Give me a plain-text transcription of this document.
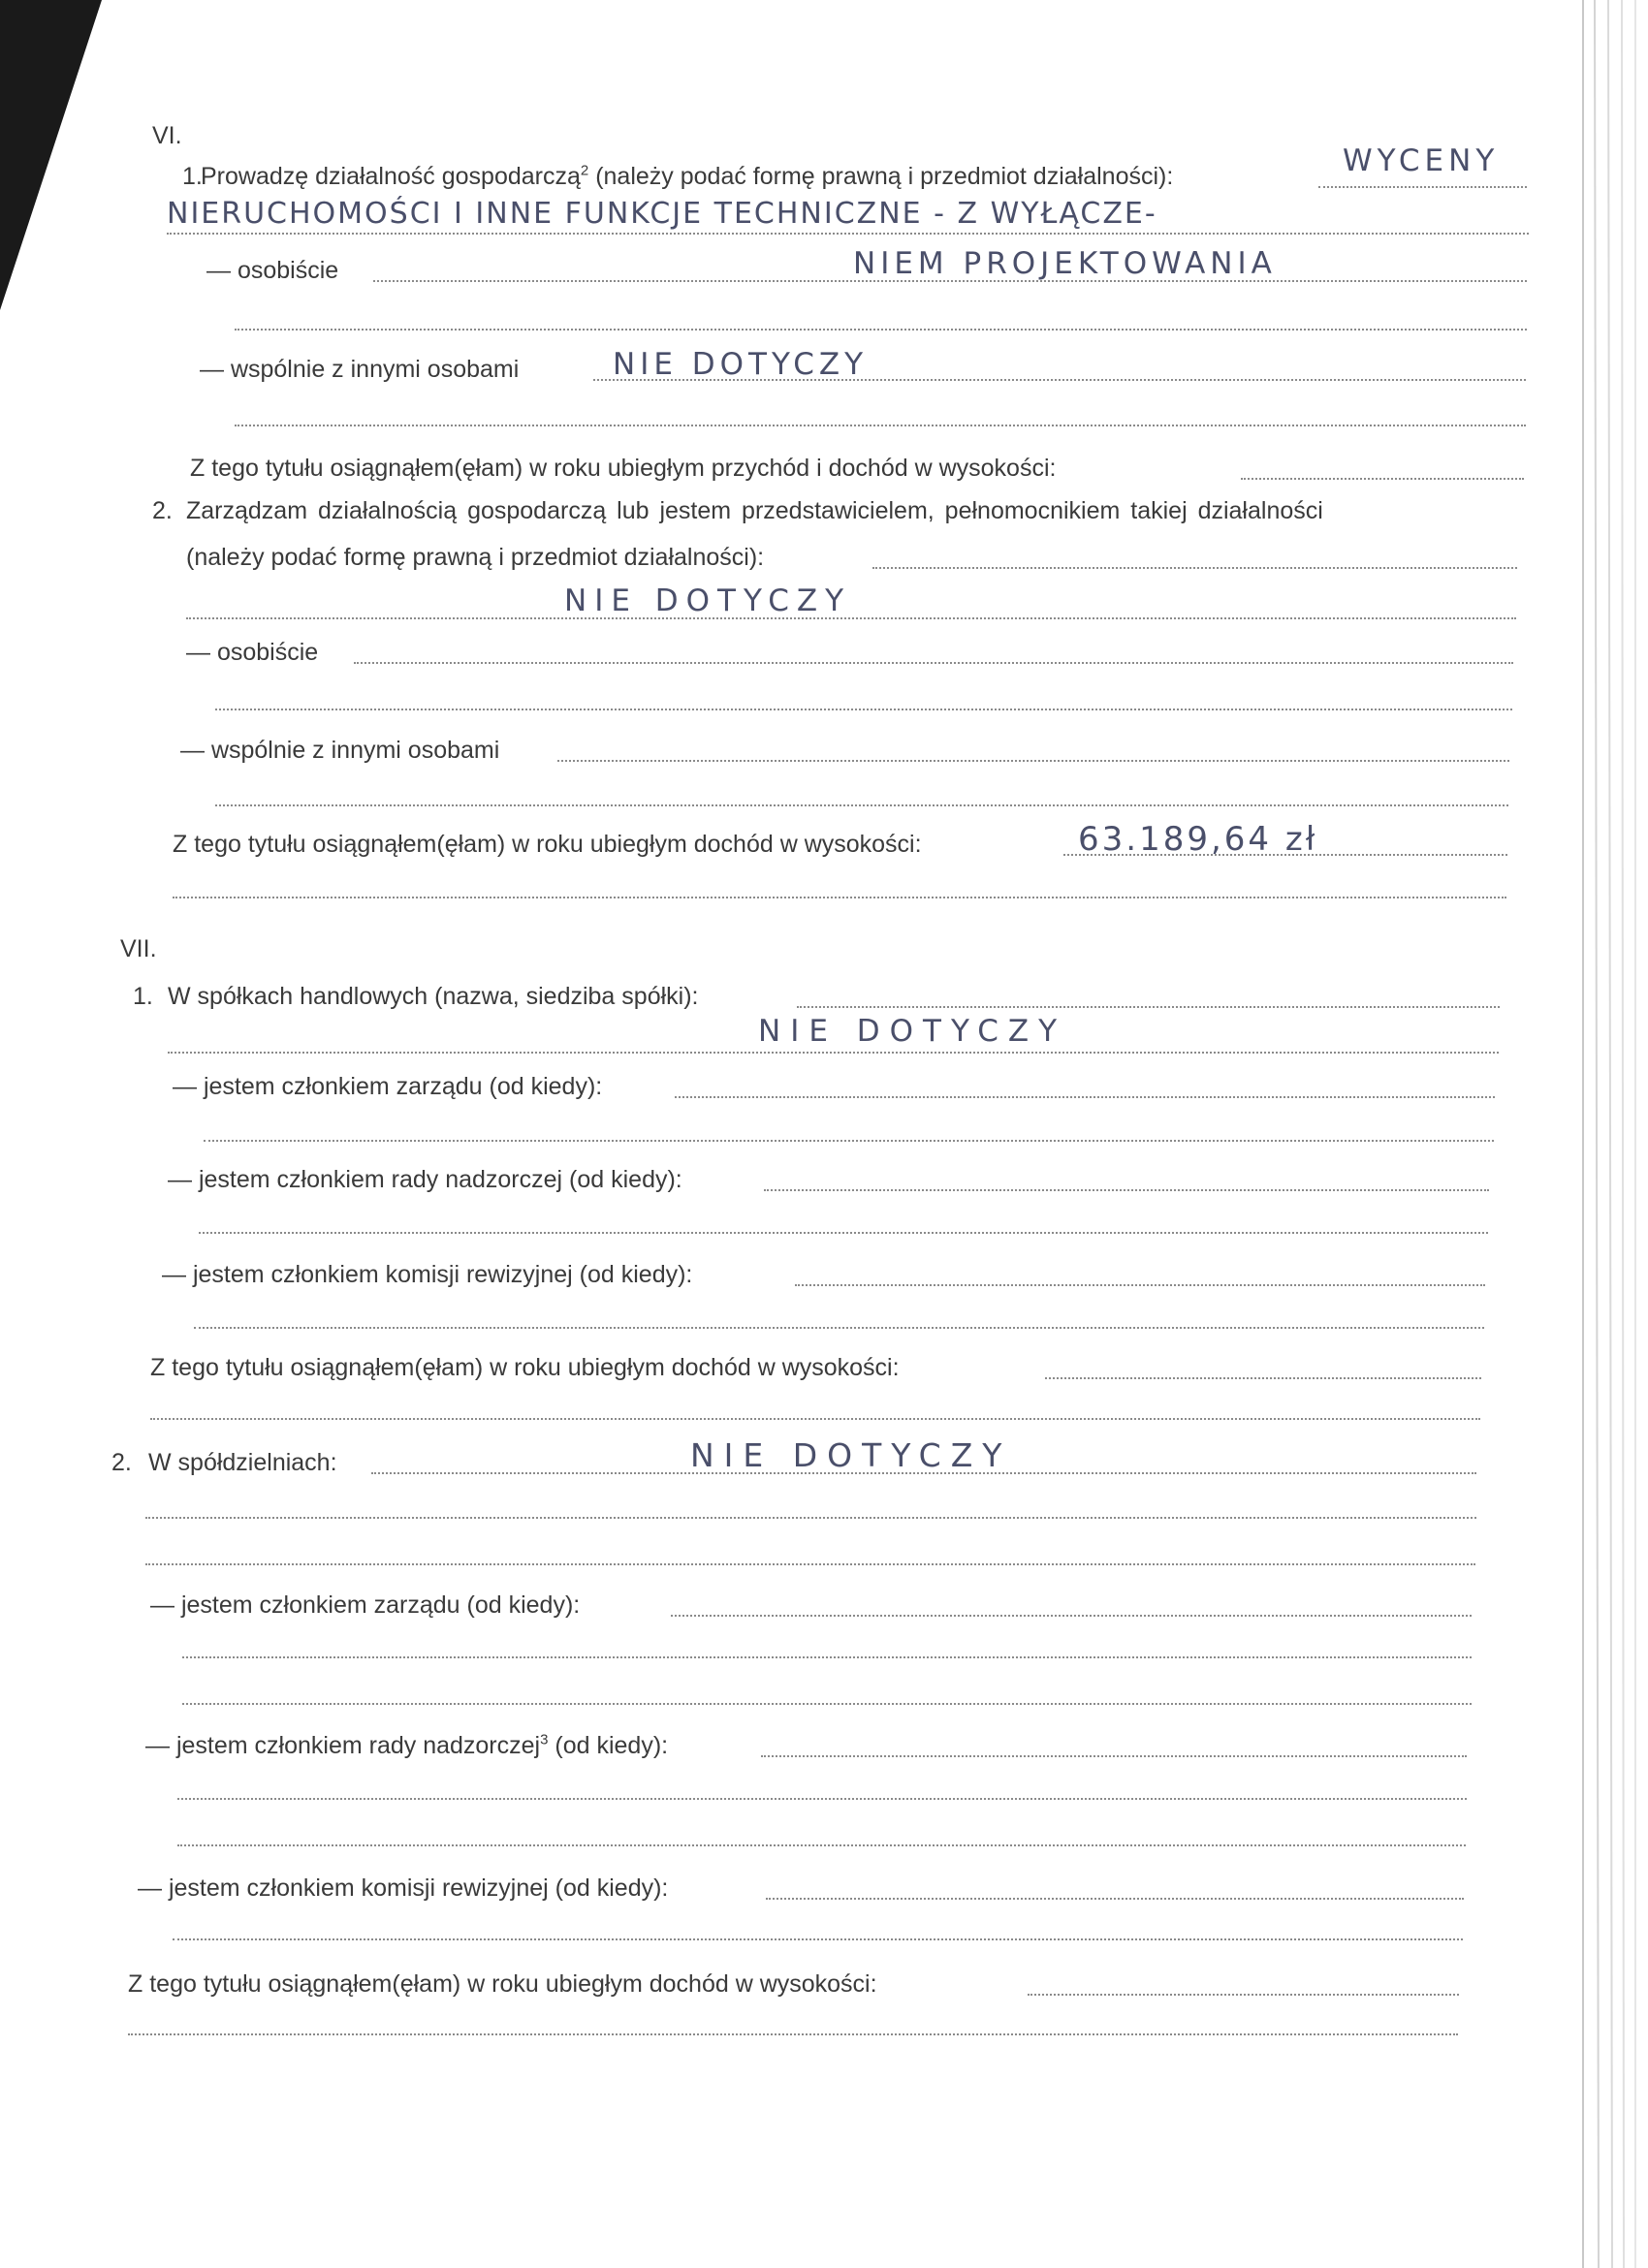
VI.
1.
Prowadzę działalność gospodarczą$^2$ (należy podać formę prawną i przedmiot działalności):	WYCENY
NIERUCHOMOŚCI I INNE FUNKCJE TECHNICZNE - Z WYŁĄCZE-
— osobiście	NIEM PROJEKTOWANIA
— wspólnie z innymi osobami	NIE DOTYCZY
Z tego tytułu osiągnąłem(ęłam) w roku ubiegłym przychód i dochód w wysokości:
2. Zarządzam działalnością gospodarczą lub jestem przedstawicielem, pełnomocnikiem takiej działalności
(należy podać formę prawną i przedmiot działalności):
NIE DOTYCZY
— osobiście
— wspólnie z innymi osobami
Z tego tytułu osiągnąłem(ęłam) w roku ubiegłym dochód w wysokości:	63.189,64 zł
VII.
1. W spółkach handlowych (nazwa, siedziba spółki):
NIE DOTYCZY
— jestem członkiem zarządu (od kiedy):
— jestem członkiem rady nadzorczej (od kiedy):
— jestem członkiem komisji rewizyjnej (od kiedy):
Z tego tytułu osiągnąłem(ęłam) w roku ubiegłym dochód w wysokości:
2. W spółdzielniach:	NIE DOTYCZY
— jestem członkiem zarządu (od kiedy):
— jestem członkiem rady nadzorczej$^3$ (od kiedy):
— jestem członkiem komisji rewizyjnej (od kiedy):
Z tego tytułu osiągnąłem(ęłam) w roku ubiegłym dochód w wysokości:
